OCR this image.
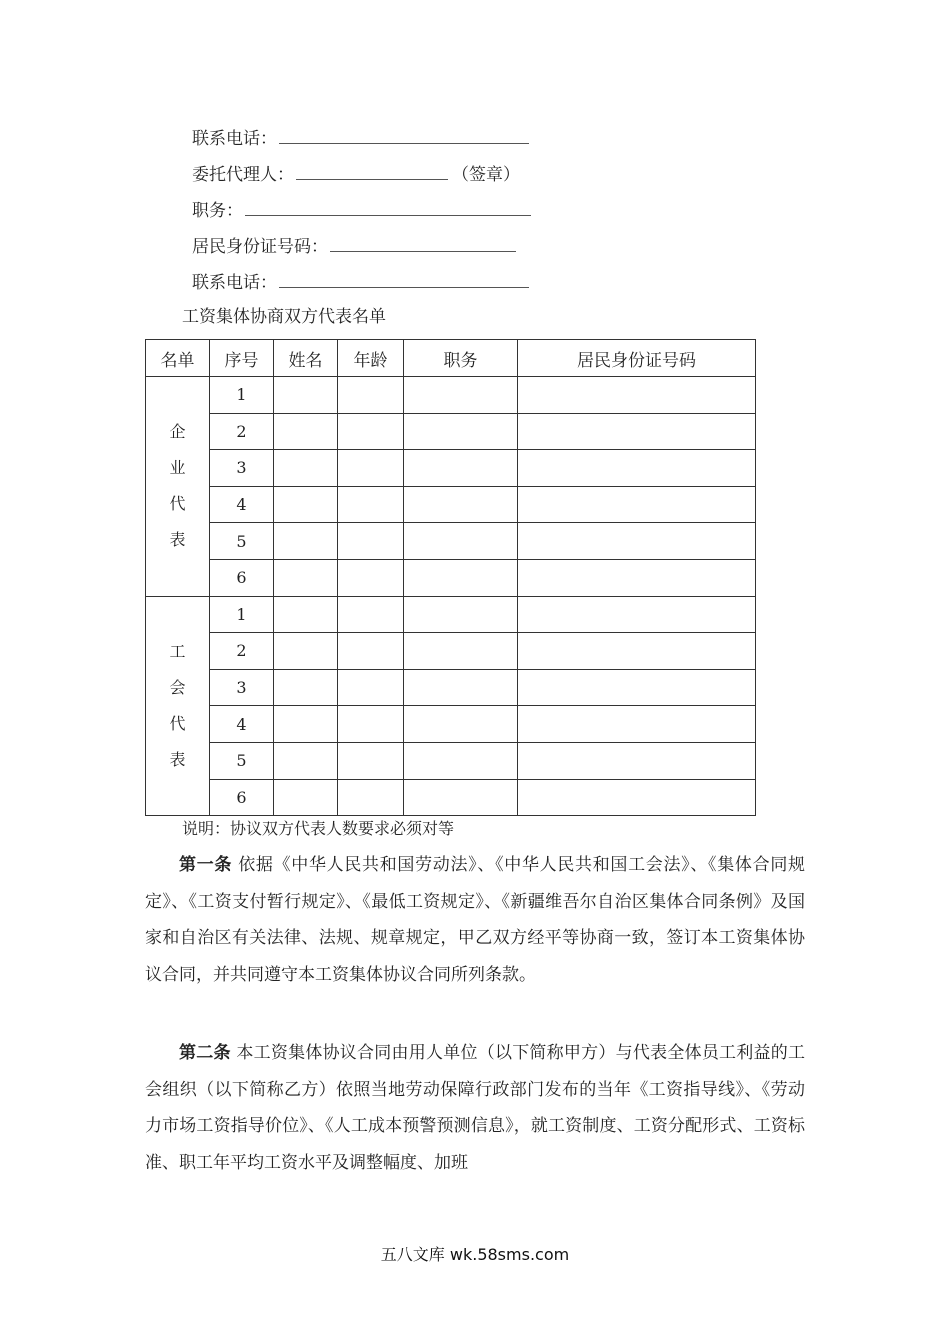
联系电话：
委托代理人：	（签章）
职务：
居民身份证号码：
联系电话：
工资集体协商双方代表名单
名单	序号	姓名	年龄	职务	居民身份证号码

企
业
代
表	1				
	2				
	3				
	4				
	5				
	6				

工
会
代
表	1				
	2				
	3				
	4				
	5				
	6				
说明：协议双方代表人数要求必须对等

第一条 依据《中华人民共和国劳动法》、《中华人民共和国工会法》、《集体合同规定》、《工资支付暂行规定》、《最低工资规定》、《新疆维吾尔自治区集体合同条例》及国家和自治区有关法律、法规、规章规定，甲乙双方经平等协商一致，签订本工资集体协议合同，并共同遵守本工资集体协议合同所列条款。

第二条 本工资集体协议合同由用人单位（以下简称甲方）与代表全体员工利益的工会组织（以下简称乙方）依照当地劳动保障行政部门发布的当年《工资指导线》、《劳动力市场工资指导价位》、《人工成本预警预测信息》，就工资制度、工资分配形式、工资标准、职工年平均工资水平及调整幅度、加班

五八文库 wk.58sms.com
